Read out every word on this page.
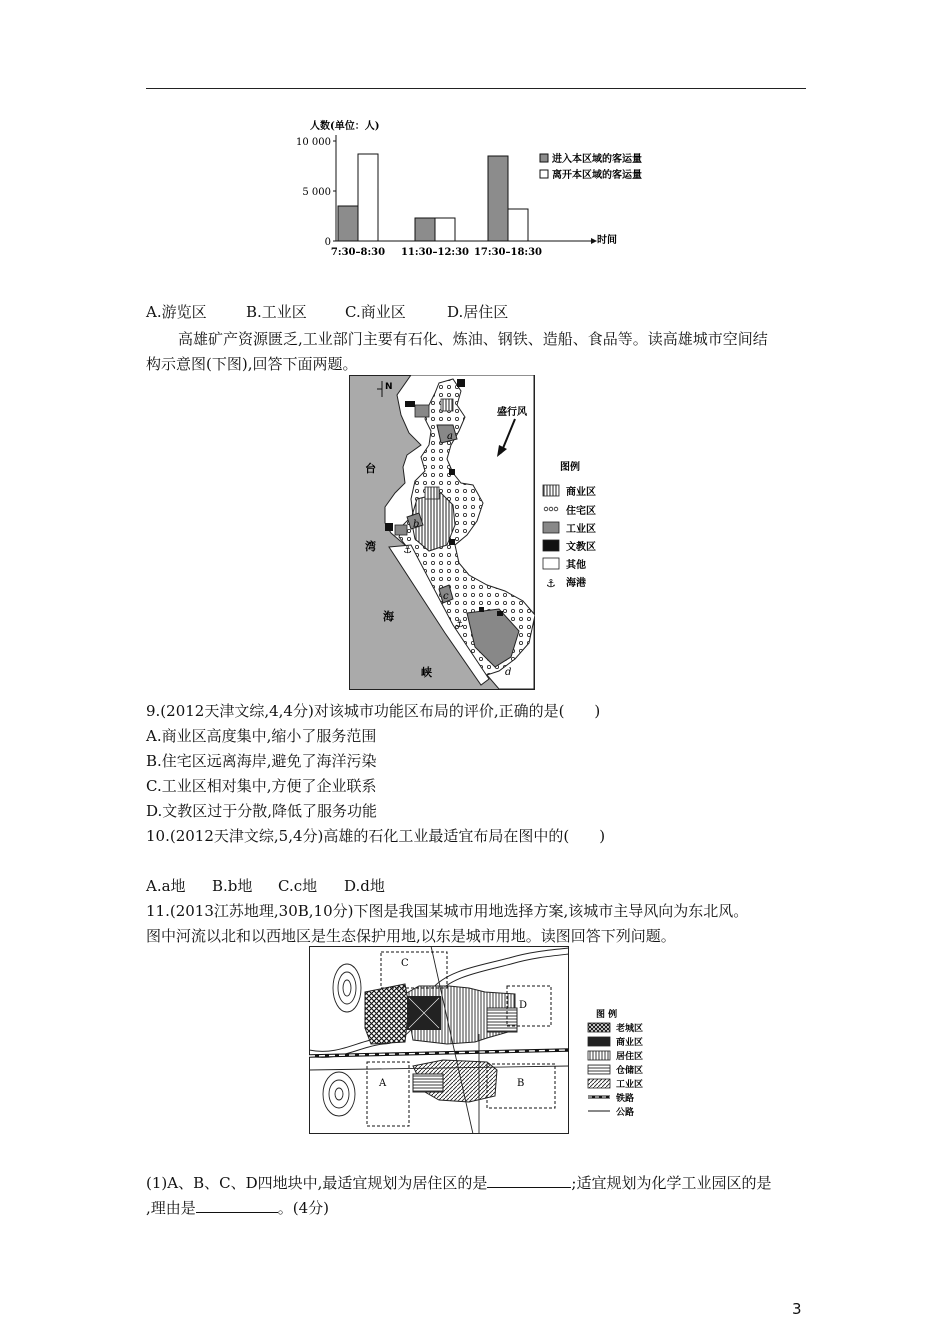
人数(单位：人)
时间
0
5 000
10 000
7:30–8:30 11:30–12:30 17:30–18:30
进入本区域的客运量
离开本区域的客运量
A.游览区	B.工业区	C.商业区	D.居住区
高雄矿产资源匮乏,工业部门主要有石化、炼油、钢铁、造船、食品等。读高雄城市空间结
构示意图(下图),回答下面两题。
⚓
⚓
N
盛行风
台
湾
海
峡
a
b
c
d
图例
商业区
住宅区
工业区
文教区
其他
⚓ 海港
9.(2012天津文综,4,4分)对该城市功能区布局的评价,正确的是(　　)
A.商业区高度集中,缩小了服务范围
B.住宅区远离海岸,避免了海洋污染
C.工业区相对集中,方便了企业联系
D.文教区过于分散,降低了服务功能
10.(2012天津文综,5,4分)高雄的石化工业最适宜布局在图中的(　　)
A.a地 B.b地 C.c地 D.d地
11.(2013江苏地理,30B,10分)下图是我国某城市用地选择方案,该城市主导风向为东北风。
图中河流以北和以西地区是生态保护用地,以东是城市用地。读图回答下列问题。
C
D
A	B
图 例
老城区
商业区
居住区
仓储区
工业区
铁路
公路
(1)A、B、C、D四地块中,最适宜规划为居住区的是	;适宜规划为化学工业园区的是
,理由是	。(4分)
3
